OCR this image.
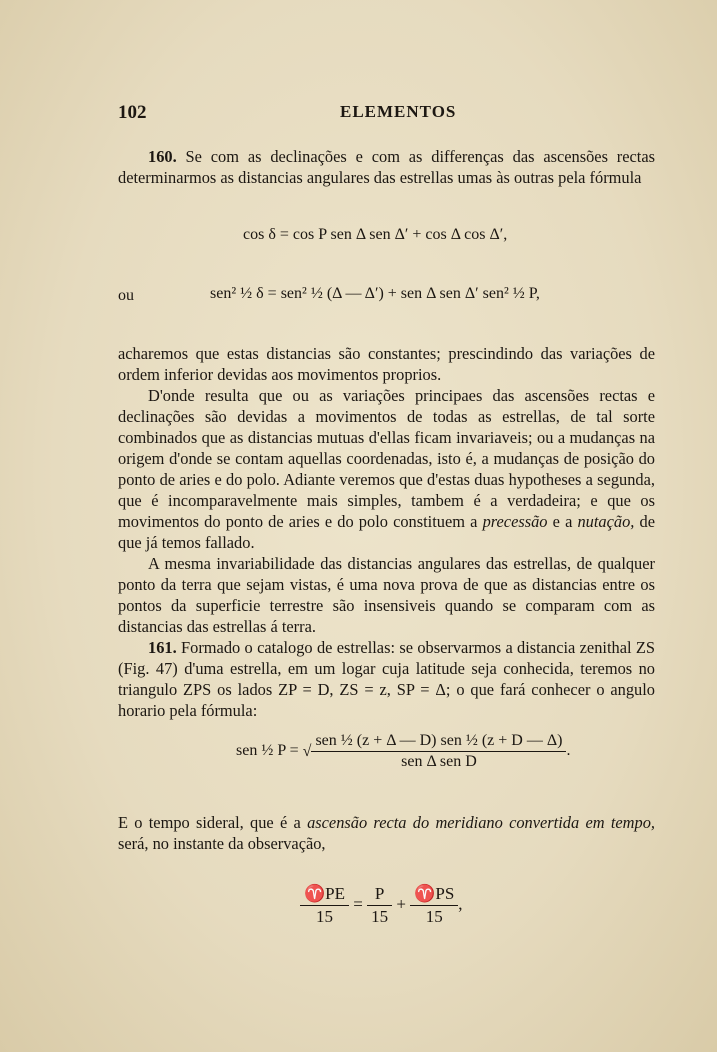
102	ELEMENTOS

160. Se com as declinações e com as differenças das ascensões rectas determinarmos as distancias angulares das estrellas umas às outras pela fórmula

cos δ = cos P sen Δ sen Δ′ + cos Δ cos Δ′,
ou	sen² ½ δ = sen² ½ (Δ — Δ′) + sen Δ sen Δ′ sen² ½ P,

acharemos que estas distancias são constantes; prescindindo das variações de ordem inferior devidas aos movimentos proprios.

D'onde resulta que ou as variações principaes das ascensões rectas e declinações são devidas a movimentos de todas as estrellas, de tal sorte combinados que as distancias mutuas d'ellas ficam invariaveis; ou a mudanças na origem d'onde se contam aquellas coordenadas, isto é, a mudanças de posição do ponto de aries e do polo. Adiante veremos que d'estas duas hypotheses a segunda, que é incomparavelmente mais simples, tambem é a verdadeira; e que os movimentos do ponto de aries e do polo constituem a precessão e a nutação, de que já temos fallado.

A mesma invariabilidade das distancias angulares das estrellas, de qualquer ponto da terra que sejam vistas, é uma nova prova de que as distancias entre os pontos da superficie terrestre são insensiveis quando se comparam com as distancias das estrellas á terra.

161. Formado o catalogo de estrellas: se observarmos a distancia zenithal ZS (Fig. 47) d'uma estrella, em um logar cuja latitude seja conhecida, teremos no triangulo ZPS os lados ZP = D, ZS = z, SP = Δ; o que fará conhecer o angulo horario pela fórmula:

sen ½ P = √ $\frac{\text{sen ½ (z + Δ — D) sen ½ (z + D — Δ)}}{\text{sen Δ sen D}}$ .

E o tempo sideral, que é a ascensão recta do meridiano convertida em tempo, será, no instante da observação,

$\frac{♈PE}{15} = \frac{P}{15} + \frac{♈PS}{15}$ ,
